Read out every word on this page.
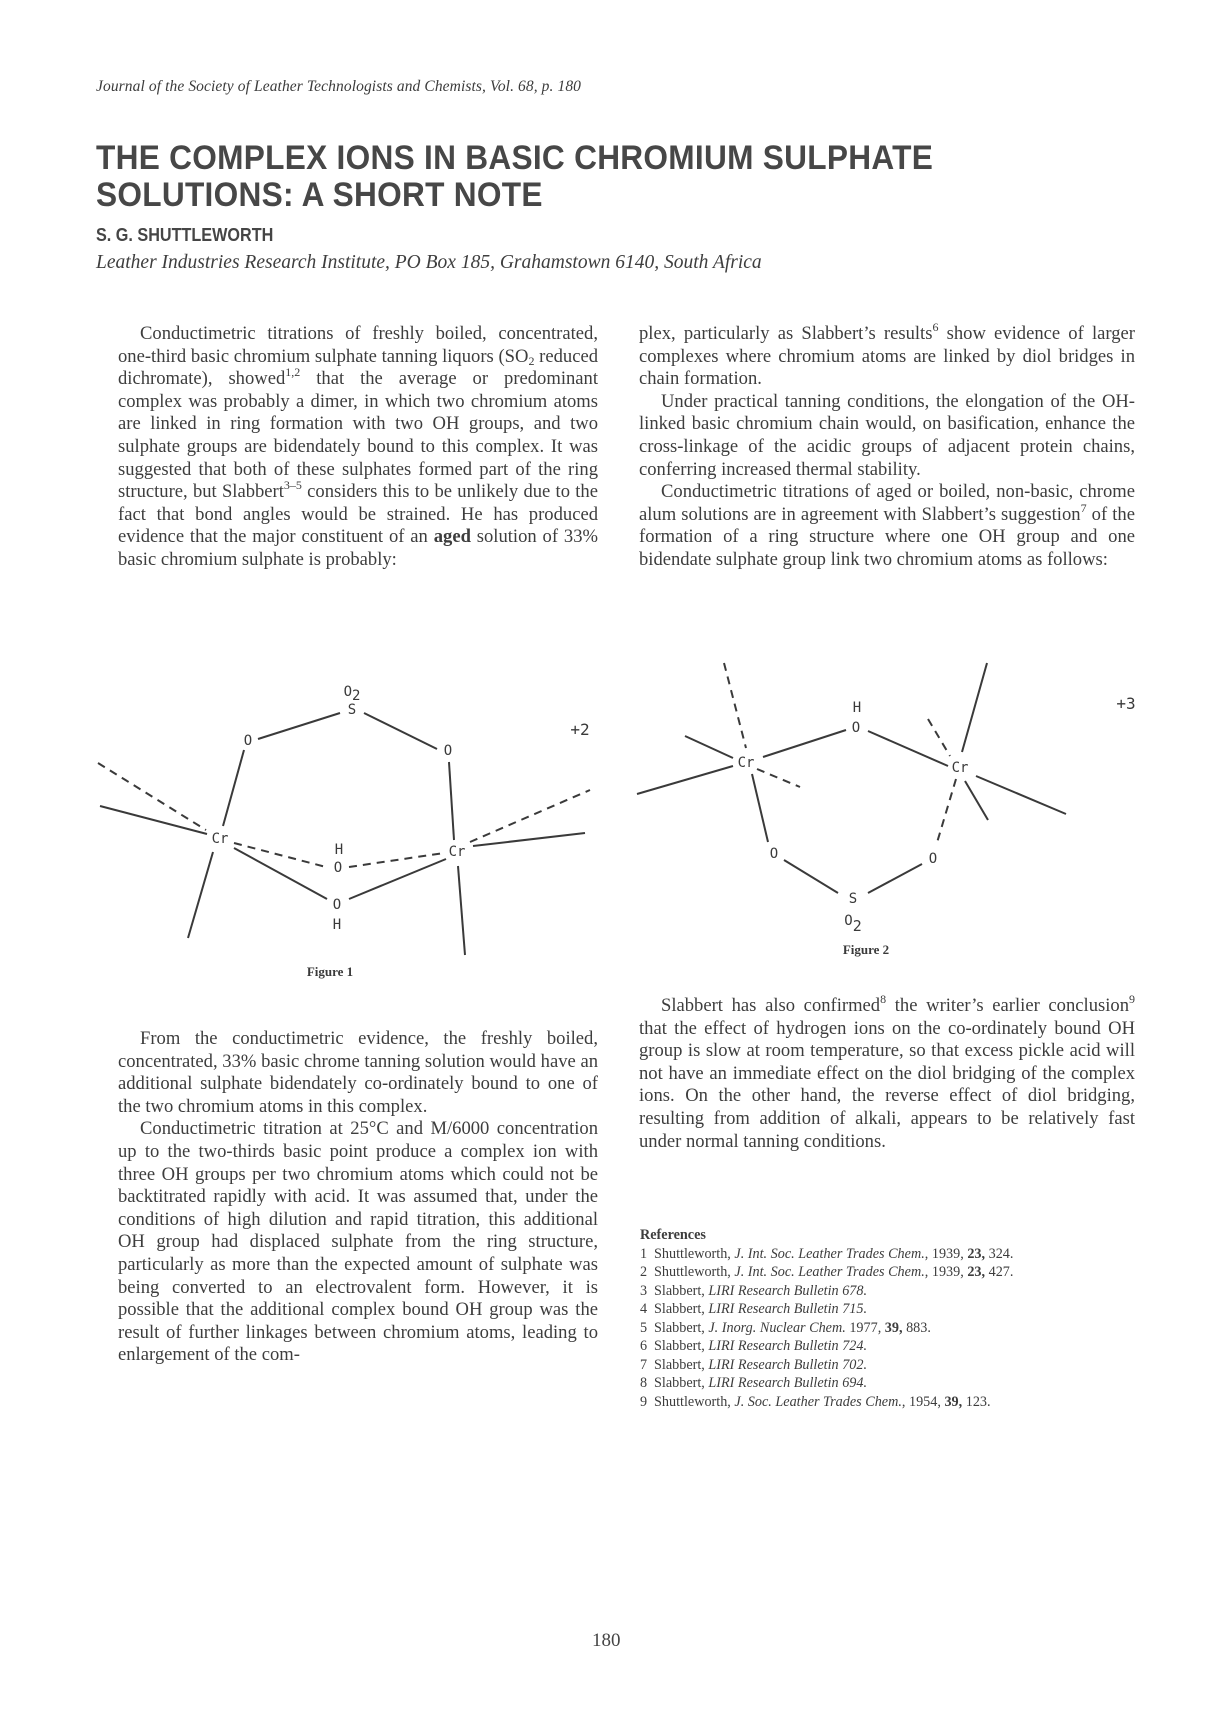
Journal of the Society of Leather Technologists and Chemists, Vol. 68, p. 180
THE COMPLEX IONS IN BASIC CHROMIUM SULPHATE
SOLUTIONS: A SHORT NOTE
S. G. SHUTTLEWORTH
Leather Industries Research Institute, PO Box 185, Grahamstown 6140, South Africa

Conductimetric titrations of freshly boiled, concentrated, one-third basic chromium sulphate tanning liquors ($SO_2$ reduced dichromate), showed$^{1,2}$ that the average or predominant complex was probably a dimer, in which two chromium atoms are linked in ring formation with two OH groups, and two sulphate groups are bidendately bound to this complex. It was suggested that both of these sulphates formed part of the ring structure, but Slabbert$^{3-5}$ considers this to be unlikely due to the fact that bond angles would be strained. He has produced evidence that the major constituent of an aged solution of 33% basic chromium sulphate is probably:

plex, particularly as Slabbert’s results$^6$ show evidence of larger complexes where chromium atoms are linked by diol bridges in chain formation.

Under practical tanning conditions, the elongation of the OH-linked basic chromium chain would, on basification, enhance the cross-linkage of the acidic groups of adjacent protein chains, conferring increased thermal stability.

Conductimetric titrations of aged or boiled, non-basic, chrome alum solutions are in agreement with Slabbert’s suggestion$^7$ of the formation of a ring structure where one OH group and one bidendate sulphate group link two chromium atoms as follows:

O2
S
O
O
Cr
Cr
H
O
O
H
+2
Figure 1
H
O
Cr	Cr
O	O
S
O2
+3
Figure 2

From the conductimetric evidence, the freshly boiled, concentrated, 33% basic chrome tanning solution would have an additional sulphate bidendately co-ordinately bound to one of the two chromium atoms in this complex.

Conductimetric titration at 25°C and M/6000 concentration up to the two-thirds basic point produce a complex ion with three OH groups per two chromium atoms which could not be backtitrated rapidly with acid. It was assumed that, under the conditions of high dilution and rapid titration, this additional OH group had displaced sulphate from the ring structure, particularly as more than the expected amount of sulphate was being converted to an electrovalent form. However, it is possible that the additional complex bound OH group was the result of further linkages between chromium atoms, leading to enlargement of the com-

Slabbert has also confirmed$^8$ the writer’s earlier conclusion$^9$ that the effect of hydrogen ions on the co-ordinately bound OH group is slow at room temperature, so that excess pickle acid will not have an immediate effect on the diol bridging of the complex ions. On the other hand, the reverse effect of diol bridging, resulting from addition of alkali, appears to be relatively fast under normal tanning conditions.

References
1 Shuttleworth, J. Int. Soc. Leather Trades Chem., 1939, 23, 324.
2 Shuttleworth, J. Int. Soc. Leather Trades Chem., 1939, 23, 427.
3 Slabbert, LIRI Research Bulletin 678.
4 Slabbert, LIRI Research Bulletin 715.
5 Slabbert, J. Inorg. Nuclear Chem. 1977, 39, 883.
6 Slabbert, LIRI Research Bulletin 724.
7 Slabbert, LIRI Research Bulletin 702.
8 Slabbert, LIRI Research Bulletin 694.
9 Shuttleworth, J. Soc. Leather Trades Chem., 1954, 39, 123.
180
